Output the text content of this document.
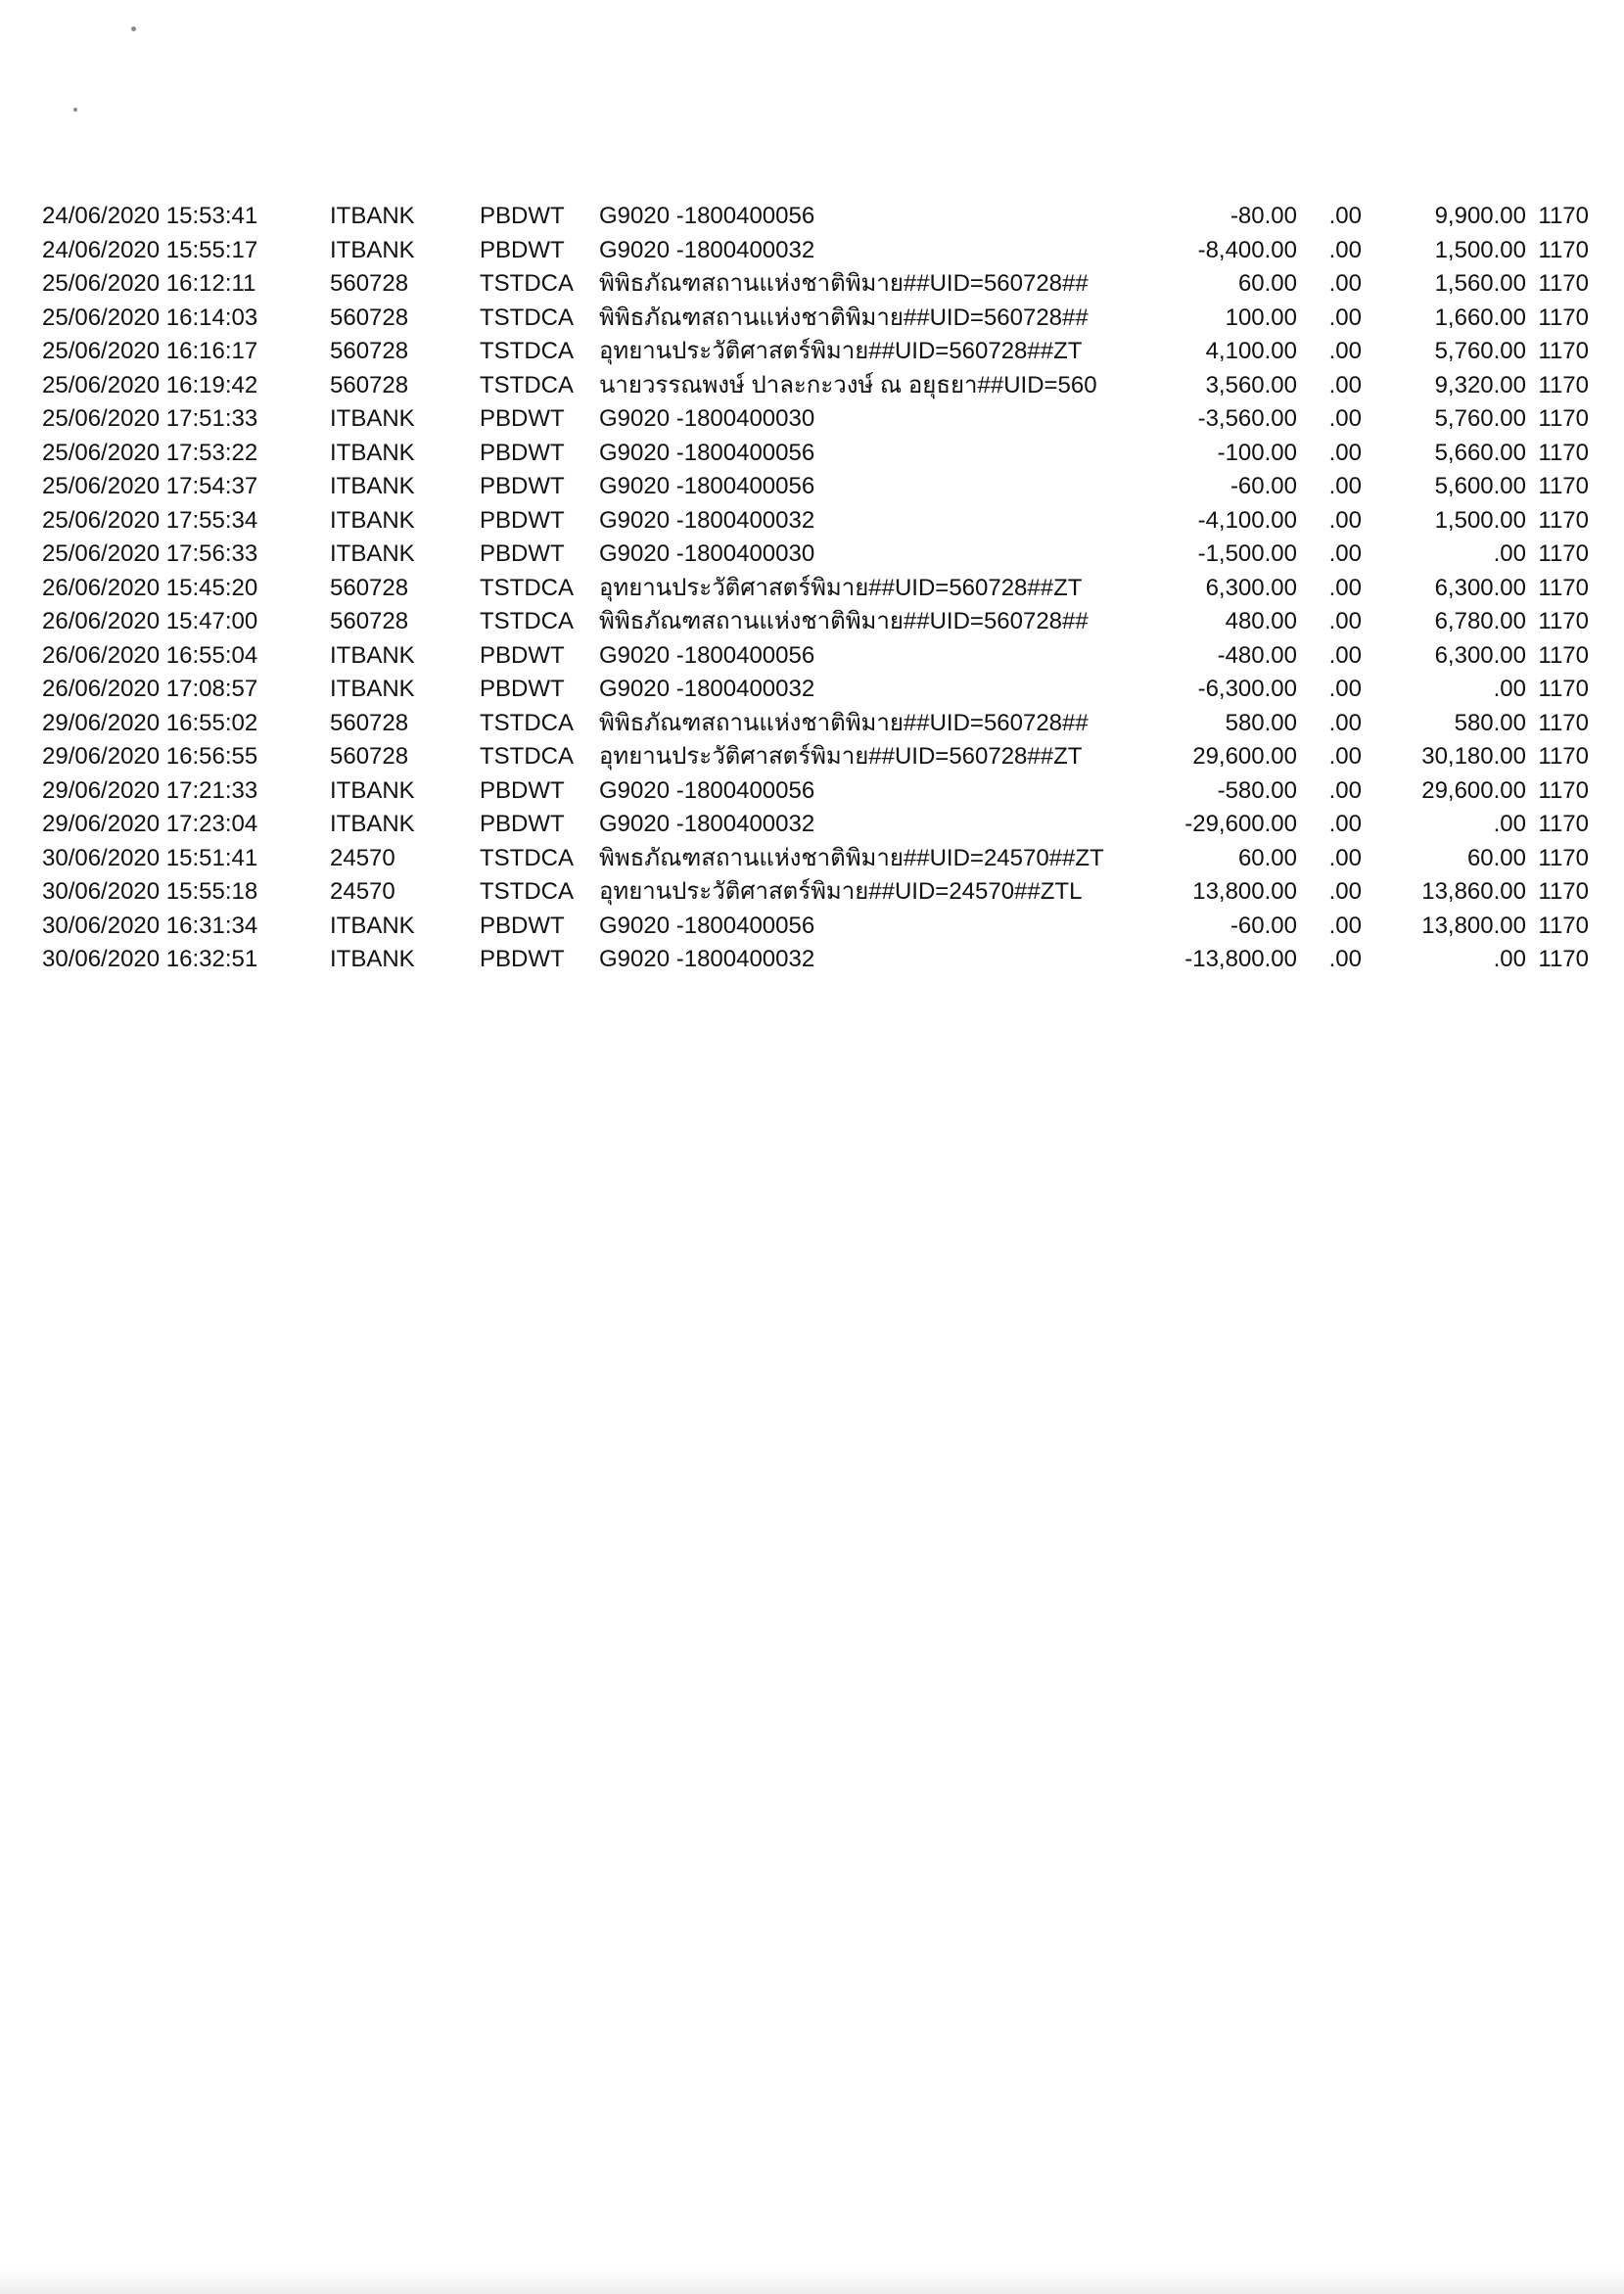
24/06/2020 15:53:41	ITBANK	PBDWT G9020 -1800400056	-80.00 .00	9,900.00 1170
24/06/2020 15:55:17	ITBANK	PBDWT G9020 -1800400032	-8,400.00 .00	1,500.00 1170
25/06/2020 16:12:11	560728	TSTDCA พิพิธภัณฑสถานแห่งชาติพิมาย##UID=560728##	60.00 .00	1,560.00 1170
25/06/2020 16:14:03	560728	TSTDCA พิพิธภัณฑสถานแห่งชาติพิมาย##UID=560728##	100.00 .00	1,660.00 1170
25/06/2020 16:16:17	560728	TSTDCA อุทยานประวัติศาสตร์พิมาย##UID=560728##ZT	4,100.00 .00	5,760.00 1170
25/06/2020 16:19:42	560728	TSTDCA นายวรรณพงษ์ ปาละกะวงษ์ ณ อยุธยา##UID=560	3,560.00 .00	9,320.00 1170
25/06/2020 17:51:33	ITBANK	PBDWT G9020 -1800400030	-3,560.00 .00	5,760.00 1170
25/06/2020 17:53:22	ITBANK	PBDWT G9020 -1800400056	-100.00 .00	5,660.00 1170
25/06/2020 17:54:37	ITBANK	PBDWT G9020 -1800400056	-60.00 .00	5,600.00 1170
25/06/2020 17:55:34	ITBANK	PBDWT G9020 -1800400032	-4,100.00 .00	1,500.00 1170
25/06/2020 17:56:33	ITBANK	PBDWT G9020 -1800400030	-1,500.00 .00	.00 1170
26/06/2020 15:45:20	560728	TSTDCA อุทยานประวัติศาสตร์พิมาย##UID=560728##ZT	6,300.00 .00	6,300.00 1170
26/06/2020 15:47:00	560728	TSTDCA พิพิธภัณฑสถานแห่งชาติพิมาย##UID=560728##	480.00 .00	6,780.00 1170
26/06/2020 16:55:04	ITBANK	PBDWT G9020 -1800400056	-480.00 .00	6,300.00 1170
26/06/2020 17:08:57	ITBANK	PBDWT G9020 -1800400032	-6,300.00 .00	.00 1170
29/06/2020 16:55:02	560728	TSTDCA พิพิธภัณฑสถานแห่งชาติพิมาย##UID=560728##	580.00 .00	580.00 1170
29/06/2020 16:56:55	560728	TSTDCA อุทยานประวัติศาสตร์พิมาย##UID=560728##ZT	29,600.00 .00	30,180.00 1170
29/06/2020 17:21:33	ITBANK	PBDWT G9020 -1800400056	-580.00 .00	29,600.00 1170
29/06/2020 17:23:04	ITBANK	PBDWT G9020 -1800400032	-29,600.00 .00	.00 1170
30/06/2020 15:51:41	24570	TSTDCA พิพธภัณฑสถานแห่งชาติพิมาย##UID=24570##ZT	60.00 .00	60.00 1170
30/06/2020 15:55:18	24570	TSTDCA อุทยานประวัติศาสตร์พิมาย##UID=24570##ZTL	13,800.00 .00	13,860.00 1170
30/06/2020 16:31:34	ITBANK	PBDWT G9020 -1800400056	-60.00 .00	13,800.00 1170
30/06/2020 16:32:51	ITBANK	PBDWT G9020 -1800400032	-13,800.00 .00	.00 1170
